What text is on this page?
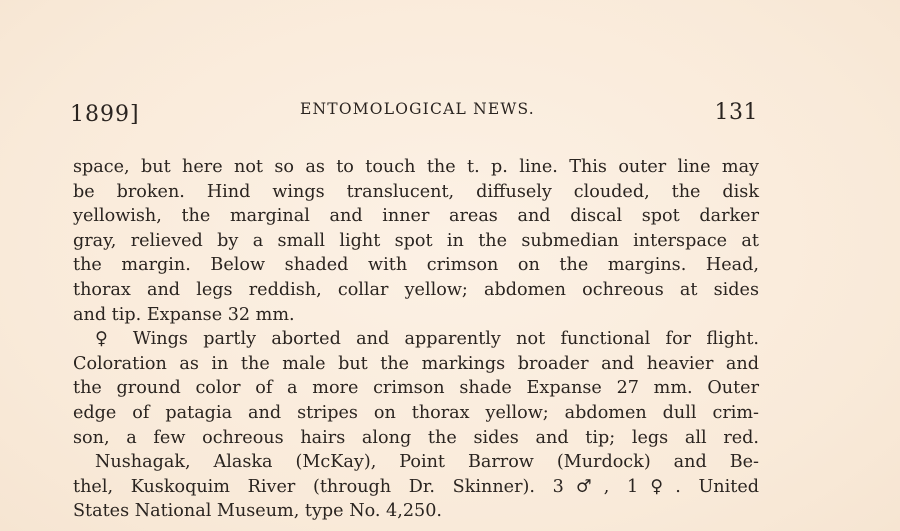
1899]	ENTOMOLOGICAL NEWS.	131
space, but here not so as to touch the t. p. line. This outer line may
be broken. Hind wings translucent, diffusely clouded, the disk
yellowish, the marginal and inner areas and discal spot darker
gray, relieved by a small light spot in the submedian interspace at
the margin. Below shaded with crimson on the margins. Head,
thorax and legs reddish, collar yellow; abdomen ochreous at sides
and tip. Expanse 32 mm.
♀ Wings partly aborted and apparently not functional for flight.
Coloration as in the male but the markings broader and heavier and
the ground color of a more crimson shade Expanse 27 mm. Outer
edge of patagia and stripes on thorax yellow; abdomen dull crim-
son, a few ochreous hairs along the sides and tip; legs all red.
Nushagak, Alaska (McKay), Point Barrow (Murdock) and Be-
thel, Kuskoquim River (through Dr. Skinner). 3♂, 1♀. United
States National Museum, type No. 4,250.
